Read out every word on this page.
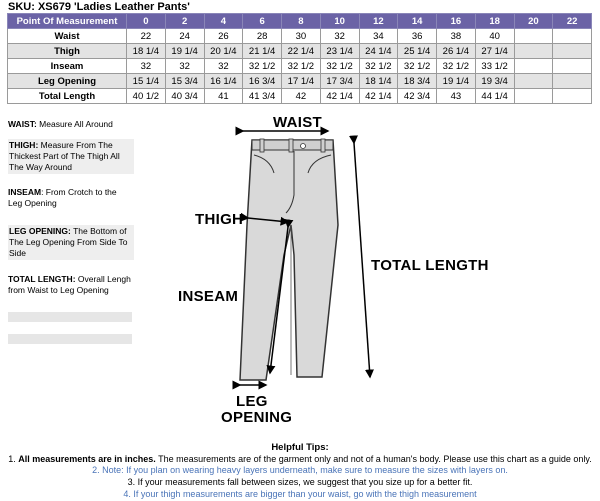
SKU: XS679 'Ladies Leather Pants'
Point Of Measurement	0	2	4	6	8	10	12	14	16	18	20	22
Waist	22	24	26	28	30	32	34	36	38	40		
Thigh	18 1/4	19 1/4	20 1/4	21 1/4	22 1/4	23 1/4	24 1/4	25 1/4	26 1/4	27 1/4		
Inseam	32	32	32	32 1/2	32 1/2	32 1/2	32 1/2	32 1/2	32 1/2	33 1/2		
Leg Opening	15 1/4	15 3/4	16 1/4	16 3/4	17 1/4	17 3/4	18 1/4	18 3/4	19 1/4	19 3/4		
Total Length	40 1/2	40 3/4	41	41 3/4	42	42 1/4	42 1/4	42 3/4	43	44 1/4		
WAIST: Measure All Around
THIGH: Measure From The Thickest Part of The Thigh All The Way Around
INSEAM: From Crotch to the Leg Opening
LEG OPENING: The Bottom of The Leg Opening From Side To Side
TOTAL LENGTH: Overall Lengh from Waist to Leg Opening
WAIST
THIGH
INSEAM
TOTAL LENGTH
LEG
OPENING
Helpful Tips:
1. All measurements are in inches. The measurements are of the garment only and not of a human's body. Please use this chart as a guide only.
2. Note: If you plan on wearing heavy layers underneath, make sure to measure the sizes with layers on.
3. If your measurements fall between sizes, we suggest that you size up for a better fit.
4. If your thigh measurements are bigger than your waist, go with the thigh measurement
